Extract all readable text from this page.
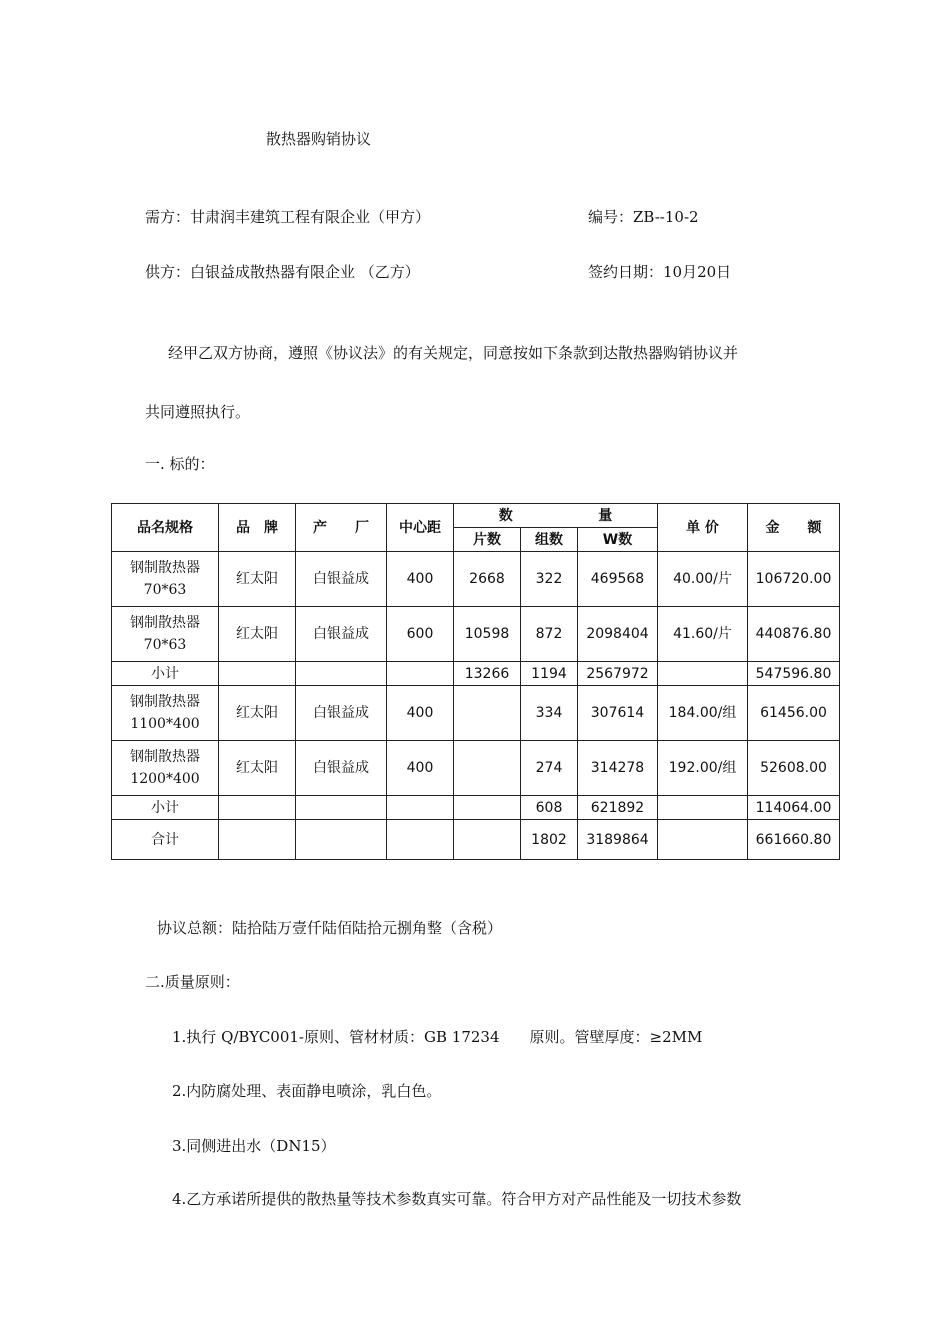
散热器购销协议
需方：甘肃润丰建筑工程有限企业（甲方）	编号：ZB--10-2
供方：白银益成散热器有限企业 （乙方）	签约日期：10月20日
经甲乙双方协商，遵照《协议法》的有关规定，同意按如下条款到达散热器购销协议并
共同遵照执行。
一. 标的：
品名规格	品　牌	产　　厂	中心距	数 量			单 价	金　　额
				片数	组数	W数		
钢制散热器70*63	红太阳	白银益成	400	2668	322	469568	40.00/片	106720.00
钢制散热器70*63	红太阳	白银益成	600	10598	872	2098404	41.60/片	440876.80
小计				13266	1194	2567972		547596.80
钢制散热器1100*400	红太阳	白银益成	400		334	307614	184.00/组	61456.00
钢制散热器1200*400	红太阳	白银益成	400		274	314278	192.00/组	52608.00
小计					608	621892		114064.00
合计					1802	3189864		661660.80
协议总额：陆拾陆万壹仟陆佰陆拾元捌角整（含税）
二.质量原则：
1.执行 Q/BYC001-原则、管材材质：GB 17234　　原则。管壁厚度：≥2MM
2.内防腐处理、表面静电喷涂，乳白色。
3.同侧进出水（DN15）
4.乙方承诺所提供的散热量等技术参数真实可靠。符合甲方对产品性能及一切技术参数
